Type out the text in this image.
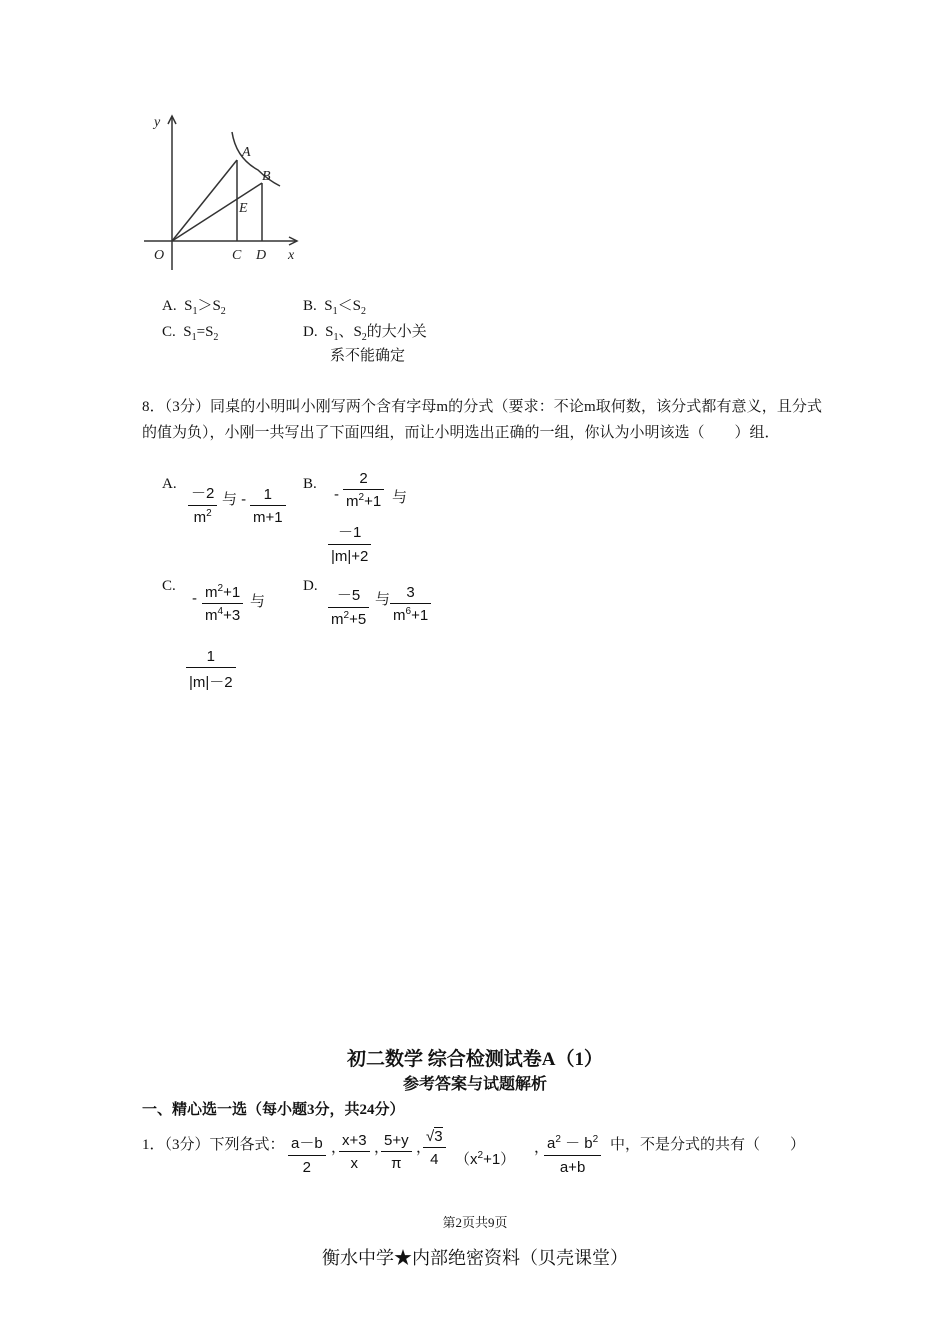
y
x
O
A
B
E
C D
A. $S_1>S_2$	B. $S_1<S_2$
C. $S_1=S_2$	D. $S_1$、$S_2$的大小关
系不能确定
8．（3分）同桌的小明叫小刚写两个含有字母m的分式（要求：不论m取何数，该分式都有意义，且分式的值为负），小刚一共写出了下面四组，而让小明选出正确的一组，你认为小明该选（　　）组．
A. $\frac{-2}{m^2}$ 与 - $\frac{1}{m+1}$
B.
- $\frac{2}{m^2+1}$ 与
$\frac{-1}{|m|+2}$
C.
- $\frac{m^2+1}{m^4+3}$ 与
$\frac{1}{|m|-2}$
D. $\frac{-5}{m^2+5}$ 与 $\frac{3}{m^6+1}$
初二数学 综合检测试卷A（1）
参考答案与试题解析
一、精心选一选（每小题3分，共24分）
1．（3分）下列各式： $\frac{a-b}{2}$ ，
$\frac{x+3}{x}$ ，
$\frac{5+y}{\pi}$ ，
$\frac{√3}{4} (x^2+1)$
，
$\frac{a^2 - b^2}{a+b}$ 中，不是分式的共有（　　）
第2页共9页
衡水中学★内部绝密资料（贝壳课堂）
